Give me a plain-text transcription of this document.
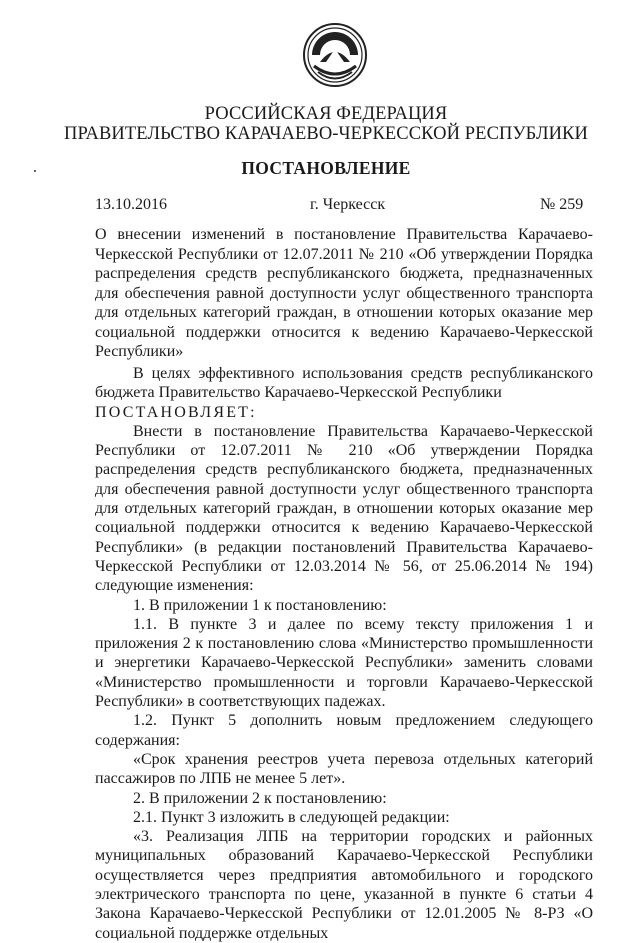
РОССИЙСКАЯ ФЕДЕРАЦИЯ
ПРАВИТЕЛЬСТВО КАРАЧАЕВО-ЧЕРКЕССКОЙ РЕСПУБЛИКИ
ПОСТАНОВЛЕНИЕ
13.10.2016	г. Черкесск	№ 259
О внесении изменений в постановление Правительства Карачаево-Черкесской Республики от 12.07.2011 № 210 «Об утверждении Порядка распределения средств республиканского бюджета, предназначенных для обеспечения равной доступности услуг общественного транспорта для отдельных категорий граждан, в отношении которых оказание мер социальной поддержки относится к ведению Карачаево-Черкесской Республики»

В целях эффективного использования средств республиканского бюджета Правительство Карачаево-Черкесской Республики

ПОСТАНОВЛЯЕТ:

Внести в постановление Правительства Карачаево-Черкесской Республики от 12.07.2011 № 210 «Об утверждении Порядка распределения средств республиканского бюджета, предназначенных для обеспечения равной доступности услуг общественного транспорта для отдельных категорий граждан, в отношении которых оказание мер социальной поддержки относится к ведению Карачаево-Черкесской Республики» (в редакции постановлений Правительства Карачаево-Черкесской Республики от 12.03.2014 № 56, от 25.06.2014 № 194) следующие изменения:

1. В приложении 1 к постановлению:

1.1. В пункте 3 и далее по всему тексту приложения 1 и приложения 2 к постановлению слова «Министерство промышленности и энергетики Карачаево-Черкесской Республики» заменить словами «Министерство промышленности и торговли Карачаево-Черкесской Республики» в соответствующих падежах.

1.2. Пункт 5 дополнить новым предложением следующего содержания:

«Срок хранения реестров учета перевоза отдельных категорий пассажиров по ЛПБ не менее 5 лет».

2. В приложении 2 к постановлению:

2.1. Пункт 3 изложить в следующей редакции:

«3. Реализация ЛПБ на территории городских и районных муниципальных образований Карачаево-Черкесской Республики осуществляется через предприятия автомобильного и городского электрического транспорта по цене, указанной в пункте 6 статьи 4 Закона Карачаево-Черкесской Республики от 12.01.2005 № 8-РЗ «О социальной поддержке отдельных
